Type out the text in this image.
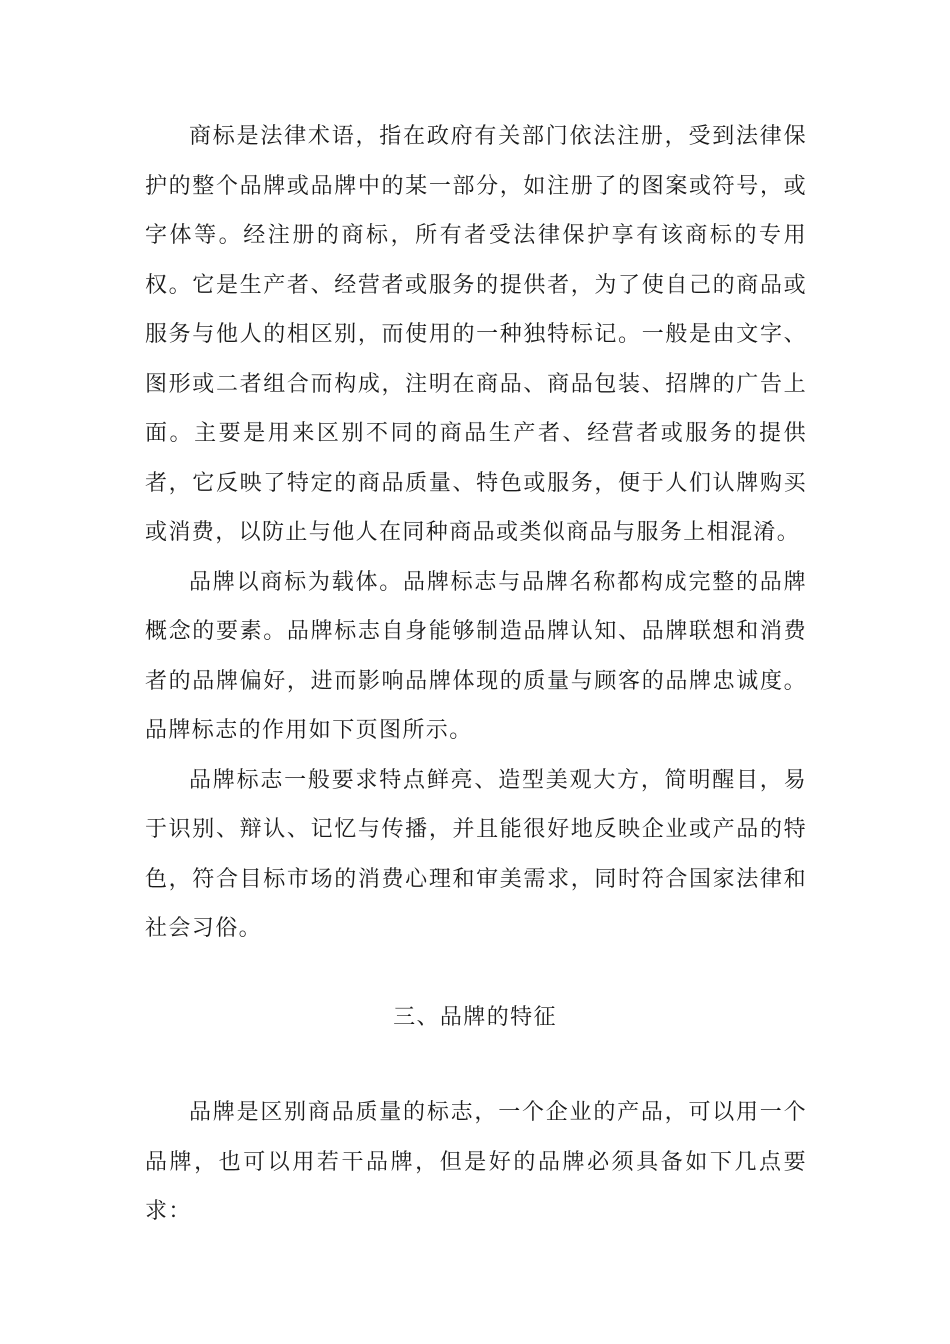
商标是法律术语，指在政府有关部门依法注册，受到法律保护的整个品牌或品牌中的某一部分，如注册了的图案或符号，或字体等。经注册的商标，所有者受法律保护享有该商标的专用权。它是生产者、经营者或服务的提供者，为了使自己的商品或服务与他人的相区别，而使用的一种独特标记。一般是由文字、图形或二者组合而构成，注明在商品、商品包装、招牌的广告上面。主要是用来区别不同的商品生产者、经营者或服务的提供者，它反映了特定的商品质量、特色或服务，便于人们认牌购买或消费，以防止与他人在同种商品或类似商品与服务上相混淆。

品牌以商标为载体。品牌标志与品牌名称都构成完整的品牌概念的要素。品牌标志自身能够制造品牌认知、品牌联想和消费者的品牌偏好，进而影响品牌体现的质量与顾客的品牌忠诚度。品牌标志的作用如下页图所示。

品牌标志一般要求特点鲜亮、造型美观大方，简明醒目，易于识别、辩认、记忆与传播，并且能很好地反映企业或产品的特色，符合目标市场的消费心理和审美需求，同时符合国家法律和社会习俗。

三、品牌的特征

品牌是区别商品质量的标志，一个企业的产品，可以用一个品牌，也可以用若干品牌，但是好的品牌必须具备如下几点要求：
